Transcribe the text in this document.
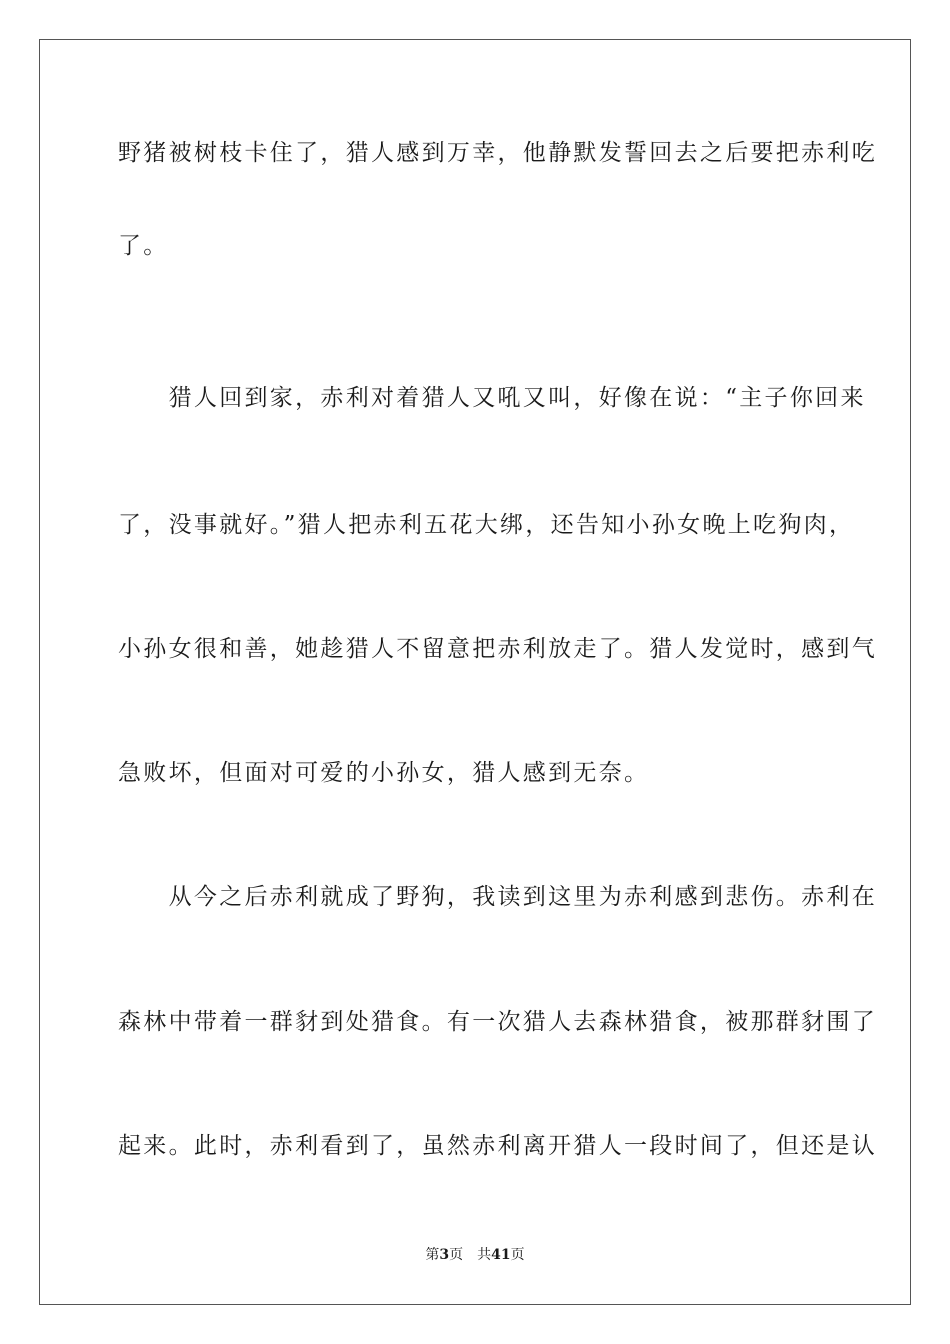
野猪被树枝卡住了，猎人感到万幸，他静默发誓回去之后要把赤利吃
了。
　　猎人回到家，赤利对着猎人又吼又叫，好像在说：“主子你回来
了，没事就好。”猎人把赤利五花大绑，还告知小孙女晚上吃狗肉，
小孙女很和善，她趁猎人不留意把赤利放走了。猎人发觉时，感到气
急败坏，但面对可爱的小孙女，猎人感到无奈。
　　从今之后赤利就成了野狗，我读到这里为赤利感到悲伤。赤利在
森林中带着一群豺到处猎食。有一次猎人去森林猎食，被那群豺围了
起来。此时，赤利看到了，虽然赤利离开猎人一段时间了，但还是认
第3页 共41页
